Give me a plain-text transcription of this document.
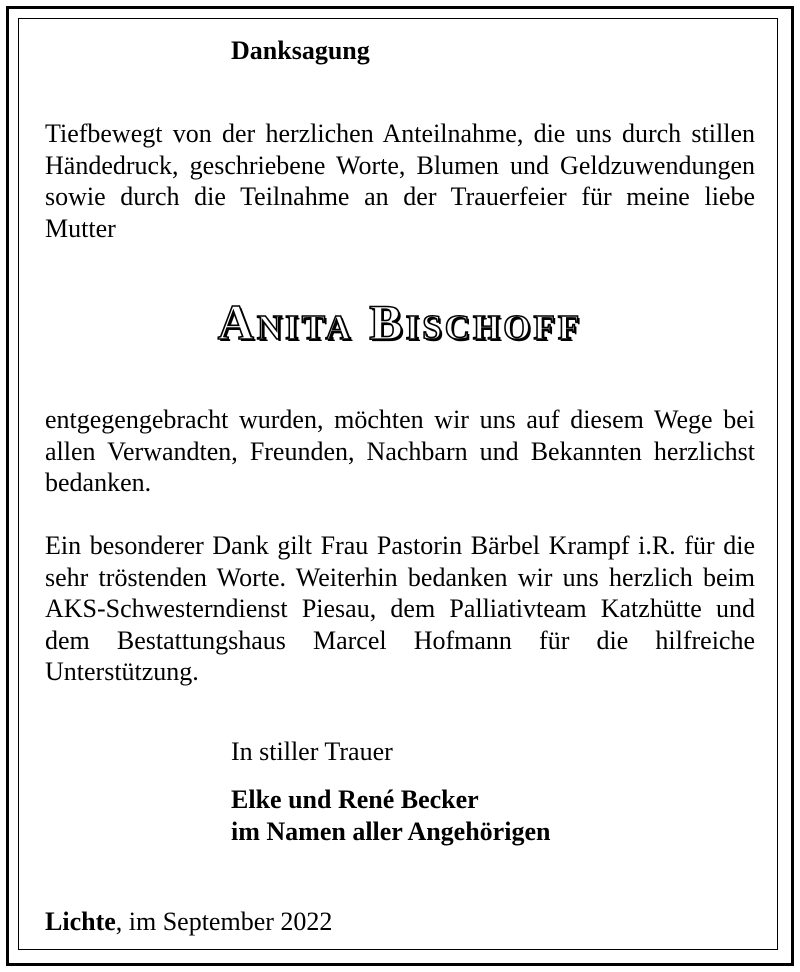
Danksagung
Tiefbewegt von der herzlichen Anteilnahme, die uns durch stillen Händedruck, geschriebene Worte, Blumen und Geldzuwendungen sowie durch die Teilnahme an der Trauerfeier für meine liebe Mutter
Anita Bischoff
entgegengebracht wurden, möchten wir uns auf diesem Wege bei allen Verwandten, Freunden, Nachbarn und Bekannten herzlichst bedanken.
Ein besonderer Dank gilt Frau Pastorin Bärbel Krampf i.R. für die sehr tröstenden Worte. Weiterhin bedanken wir uns herzlich beim AKS-Schwesterndienst Piesau, dem Palliativteam Katzhütte und dem Bestattungshaus Marcel Hofmann für die hilfreiche Unterstützung.
In stiller Trauer
Elke und René Becker
im Namen aller Angehörigen
Lichte, im September 2022
